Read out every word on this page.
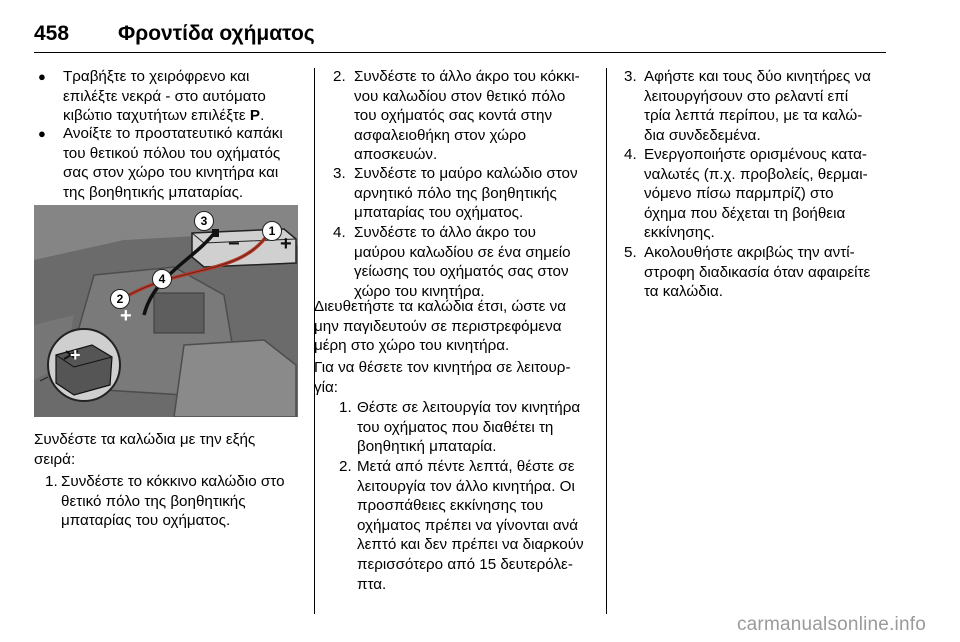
458 Φροντίδα οχήματος
● Τραβήξτε το χειρόφρενο και
επιλέξτε νεκρά - στο αυτόματο
κιβώτιο ταχυτήτων επιλέξτε P.
● Ανοίξτε το προστατευτικό καπάκι
του θετικού πόλου του οχήματός
σας στον χώρο του κινητήρα και
της βοηθητικής μπαταρίας.
1
2
3
4
+
−
+
+
Συνδέστε τα καλώδια με την εξής
σειρά:
1. Συνδέστε το κόκκινο καλώδιο στο
θετικό πόλο της βοηθητικής
μπαταρίας του οχήματος.
2. Συνδέστε το άλλο άκρο του κόκκι‐
νου καλωδίου στον θετικό πόλο
του οχήματός σας κοντά στην
ασφαλειοθήκη στον χώρο
αποσκευών.
3. Συνδέστε το μαύρο καλώδιο στον
αρνητικό πόλο της βοηθητικής
μπαταρίας του οχήματος.
4. Συνδέστε το άλλο άκρο του
μαύρου καλωδίου σε ένα σημείο
γείωσης του οχήματός σας στον
χώρο του κινητήρα.
Διευθετήστε τα καλώδια έτσι, ώστε να
μην παγιδευτούν σε περιστρεφόμενα
μέρη στο χώρο του κινητήρα.
Για να θέσετε τον κινητήρα σε λειτουρ‐
γία:
1. Θέστε σε λειτουργία τον κινητήρα
του οχήματος που διαθέτει τη
βοηθητική μπαταρία.
2. Μετά από πέντε λεπτά, θέστε σε
λειτουργία τον άλλο κινητήρα. Οι
προσπάθειες εκκίνησης του
οχήματος πρέπει να γίνονται ανά
λεπτό και δεν πρέπει να διαρκούν
περισσότερο από 15 δευτερόλε‐
πτα.
3. Αφήστε και τους δύο κινητήρες να
λειτουργήσουν στο ρελαντί επί
τρία λεπτά περίπου, με τα καλώ‐
δια συνδεδεμένα.
4. Ενεργοποιήστε ορισμένους κατα‐
ναλωτές (π.χ. προβολείς, θερμαι‐
νόμενο πίσω παρμπρίζ) στο
όχημα που δέχεται τη βοήθεια
εκκίνησης.
5. Ακολουθήστε ακριβώς την αντί‐
στροφη διαδικασία όταν αφαιρείτε
τα καλώδια.
carmanualsonline.info
